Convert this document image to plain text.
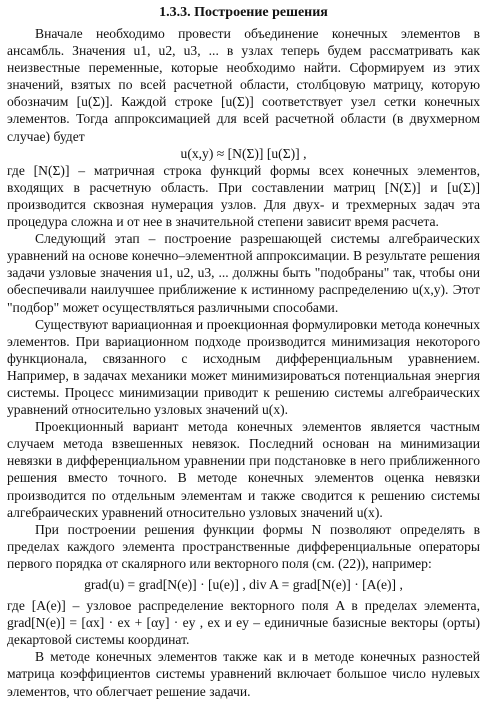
1.3.3. Построение решения

Вначале необходимо провести объединение конечных элементов в ансамбль. Значения u1, u2, u3, ... в узлах теперь будем рассматривать как неизвестные переменные, которые необходимо найти. Сформируем из этих значений, взятых по всей расчетной области, столбцовую матрицу, которую обозначим [u(Σ)]. Каждой строке [u(Σ)] соответствует узел сетки конечных элементов. Тогда аппроксимацией для всей расчетной области (в двухмерном случае) будет

u(x,y) ≈ [N(Σ)] [u(Σ)] ,

где [N(Σ)] – матричная строка функций формы всех конечных элементов, входящих в расчетную область. При составлении матриц [N(Σ)] и [u(Σ)] производится сквозная нумерация узлов. Для двух- и трехмерных задач эта процедура сложна и от нее в значительной степени зависит время расчета.

Следующий этап – построение разрешающей системы алгебраических уравнений на основе конечно–элементной аппроксимации. В результате решения задачи узловые значения u1, u2, u3, ... должны быть "подобраны" так, чтобы они обеспечивали наилучшее приближение к истинному распределению u(x,y). Этот "подбор" может осуществляться различными способами.

Существуют вариационная и проекционная формулировки метода конечных элементов. При вариационном подходе производится минимизация некоторого функционала, связанного с исходным дифференциальным уравнением. Например, в задачах механики может минимизироваться потенциальная энергия системы. Процесс минимизации приводит к решению системы алгебраических уравнений относительно узловых значений u(x).

Проекционный вариант метода конечных элементов является частным случаем метода взвешенных невязок. Последний основан на минимизации невязки в дифференциальном уравнении при подстановке в него приближенного решения вместо точного. В методе конечных элементов оценка невязки производится по отдельным элементам и также сводится к решению системы алгебраических уравнений относительно узловых значений u(x).

При построении решения функции формы N позволяют определять в пределах каждого элемента пространственные дифференциальные операторы первого порядка от скалярного или векторного поля (см. (22)), например:

grad(u) = grad[N(e)] · [u(e)] , div A = grad[N(e)] · [A(e)] ,

где [A(e)] – узловое распределение векторного поля A в пределах элемента, grad[N(e)] = [αx] · ex + [αy] · ey , ex и ey – единичные базисные векторы (орты) декартовой системы координат.

В методе конечных элементов также как и в методе конечных разностей матрица коэффициентов системы уравнений включает большое число нулевых элементов, что облегчает решение задачи.
